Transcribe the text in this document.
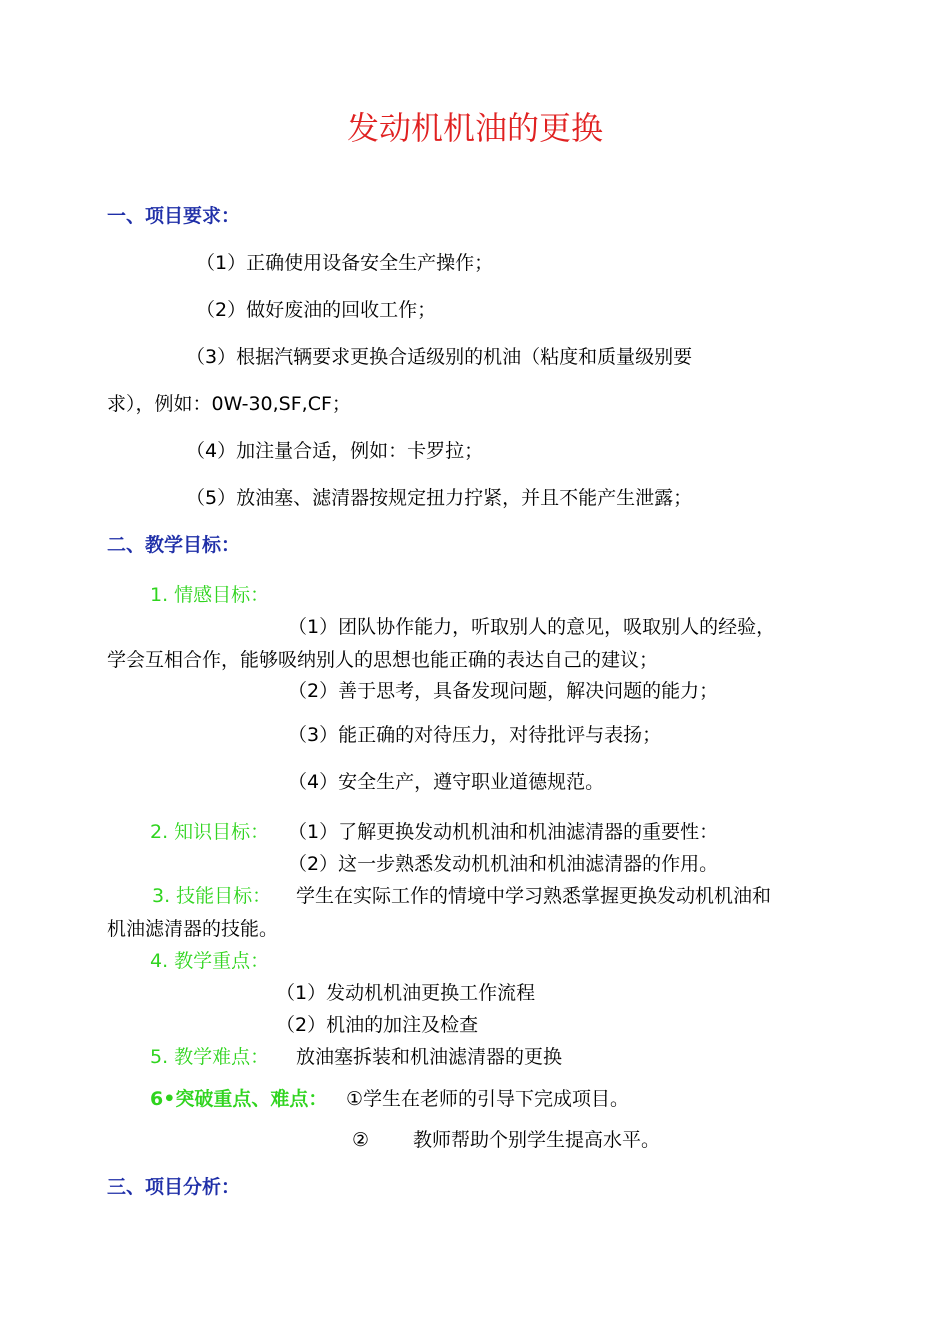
发动机机油的更换
一、项目要求：
（1）正确使用设备安全生产操作；
（2）做好废油的回收工作；
（3）根据汽辆要求更换合适级别的机油（粘度和质量级别要
求），例如：0W-30,SF,CF；
（4）加注量合适，例如：卡罗拉；
（5）放油塞、滤清器按规定扭力拧紧，并且不能产生泄露；
二、教学目标：
1. 情感目标：
（1）团队协作能力，听取别人的意见，吸取别人的经验，
学会互相合作，能够吸纳别人的思想也能正确的表达自己的建议；
（2）善于思考，具备发现问题，解决问题的能力；
（3）能正确的对待压力，对待批评与表扬；
（4）安全生产，遵守职业道德规范。
2. 知识目标： （1）了解更换发动机机油和机油滤清器的重要性：
（2）这一步熟悉发动机机油和机油滤清器的作用。
3. 技能目标： 学生在实际工作的情境中学习熟悉掌握更换发动机机油和
机油滤清器的技能。
4. 教学重点：
（1）发动机机油更换工作流程
（2）机油的加注及检查
5. 教学难点： 放油塞拆装和机油滤清器的更换
6•突破重点、难点： ①学生在老师的引导下完成项目。
② 教师帮助个别学生提高水平。
三、项目分析：
